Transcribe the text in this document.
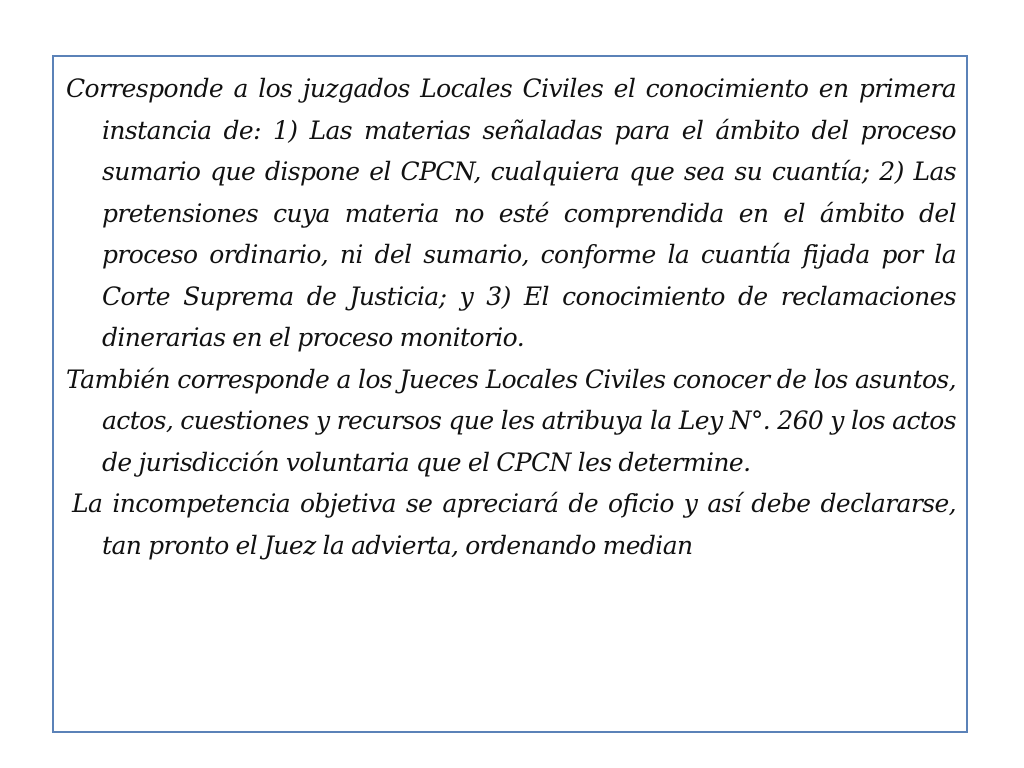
Corresponde a los juzgados Locales Civiles el conocimiento en primera instancia de: 1) Las materias señaladas para el ámbito del proceso sumario que dispone el CPCN, cualquiera que sea su cuantía; 2) Las pretensiones cuya materia no esté comprendida en el ámbito del proceso ordinario, ni del sumario, conforme la cuantía fijada por la Corte Suprema de Justicia; y 3) El conocimiento de reclamaciones dinerarias en el proceso monitorio.

También corresponde a los Jueces Locales Civiles conocer de los asuntos, actos, cuestiones y recursos que les atribuya la Ley N°. 260 y los actos de jurisdicción voluntaria que el CPCN les determine.

La incompetencia objetiva se apreciará de oficio y así debe declararse, tan pronto el Juez la advierta, ordenando median
